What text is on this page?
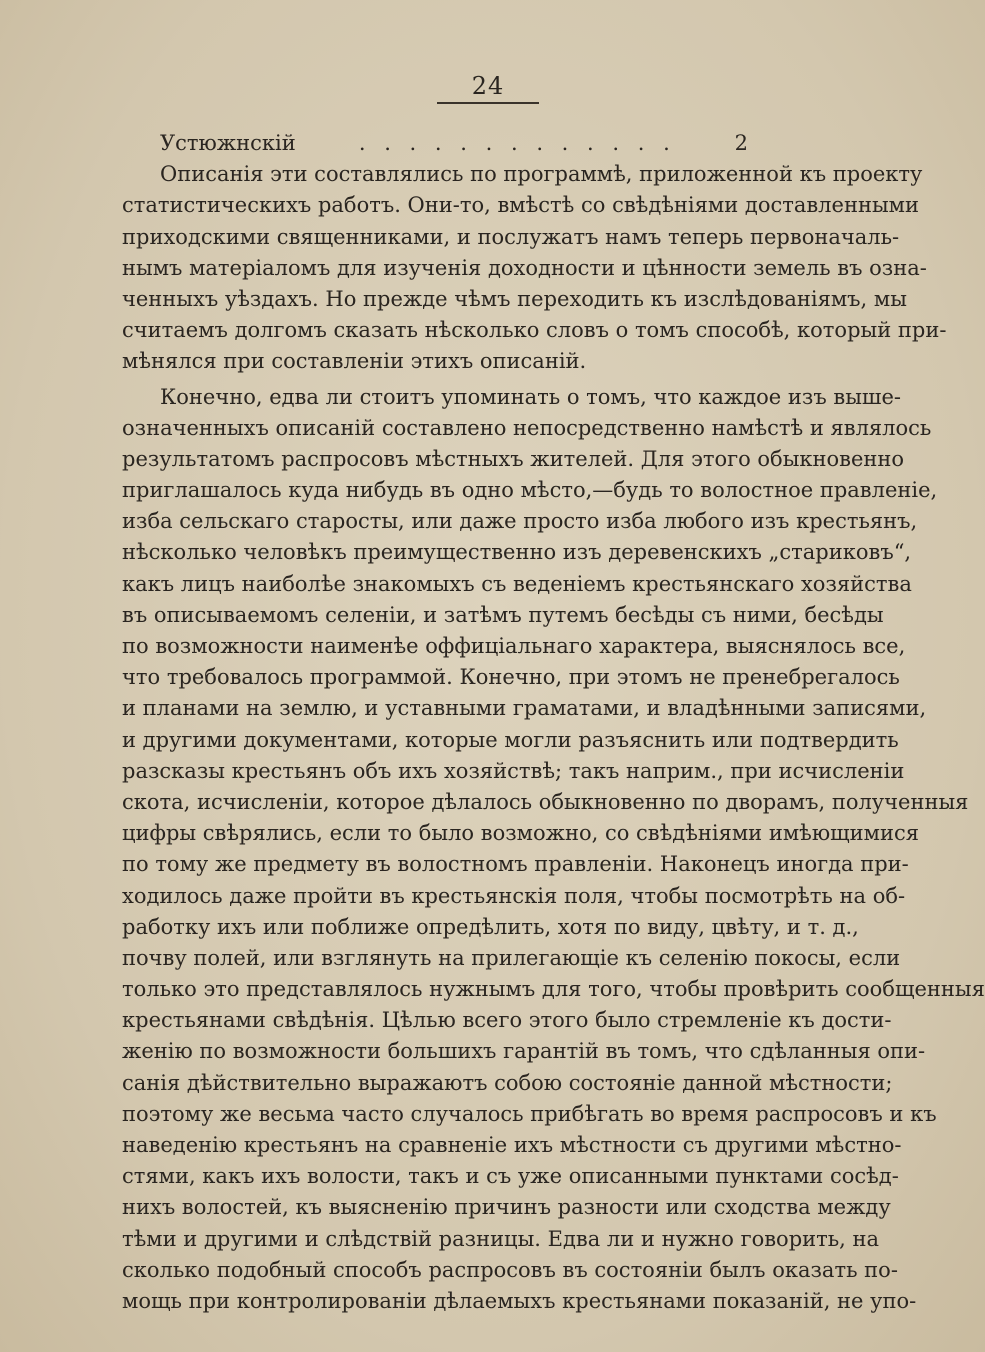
24
Устюжнскій	. . . . . . . . . . . . .	2
Описанія эти составлялись по программѣ, приложенной къ проекту
статистическихъ работъ. Они-то, вмѣстѣ со свѣдѣніями доставленными
приходскими священниками, и послужатъ намъ теперь первоначаль-
нымъ матеріаломъ для изученія доходности и цѣнности земель въ озна-
ченныхъ уѣздахъ. Но прежде чѣмъ переходить къ изслѣдованіямъ, мы
считаемъ долгомъ сказать нѣсколько словъ о томъ способѣ, который при-
мѣнялся при составленіи этихъ описаній.
Конечно, едва ли стоитъ упоминать о томъ, что каждое изъ выше-
означенныхъ описаній составлено непосредственно намѣстѣ и являлось
результатомъ распросовъ мѣстныхъ жителей. Для этого обыкновенно
приглашалось куда нибудь въ одно мѣсто,—будь то волостное правленіе,
изба сельскаго старосты, или даже просто изба любого изъ крестьянъ,
нѣсколько человѣкъ преимущественно изъ деревенскихъ „стариковъ“,
какъ лицъ наиболѣе знакомыхъ съ веденіемъ крестьянскаго хозяйства
въ описываемомъ селеніи, и затѣмъ путемъ бесѣды съ ними, бесѣды
по возможности наименѣе оффиціальнаго характера, выяснялось все,
что требовалось программой. Конечно, при этомъ не пренебрегалось
и планами на землю, и уставными граматами, и владѣнными записями,
и другими документами, которые могли разъяснить или подтвердить
разсказы крестьянъ объ ихъ хозяйствѣ; такъ наприм., при исчисленіи
скота, исчисленіи, которое дѣлалось обыкновенно по дворамъ, полученныя
цифры свѣрялись, если то было возможно, со свѣдѣніями имѣющимися
по тому же предмету въ волостномъ правленіи. Наконецъ иногда при-
ходилось даже пройти въ крестьянскія поля, чтобы посмотрѣть на об-
работку ихъ или поближе опредѣлить, хотя по виду, цвѣту, и т. д.,
почву полей, или взглянуть на прилегающіе къ селенію покосы, если
только это представлялось нужнымъ для того, чтобы провѣрить сообщенныя
крестьянами свѣдѣнія. Цѣлью всего этого было стремленіе къ дости-
женію по возможности большихъ гарантій въ томъ, что сдѣланныя опи-
санія дѣйствительно выражаютъ собою состояніе данной мѣстности;
поэтому же весьма часто случалось прибѣгать во время распросовъ и къ
наведенію крестьянъ на сравненіе ихъ мѣстности съ другими мѣстно-
стями, какъ ихъ волости, такъ и съ уже описанными пунктами сосѣд-
нихъ волостей, къ выясненію причинъ разности или сходства между
тѣми и другими и слѣдствій разницы. Едва ли и нужно говорить, на
сколько подобный способъ распросовъ въ состояніи былъ оказать по-
мощь при контролированіи дѣлаемыхъ крестьянами показаній, не упо-
